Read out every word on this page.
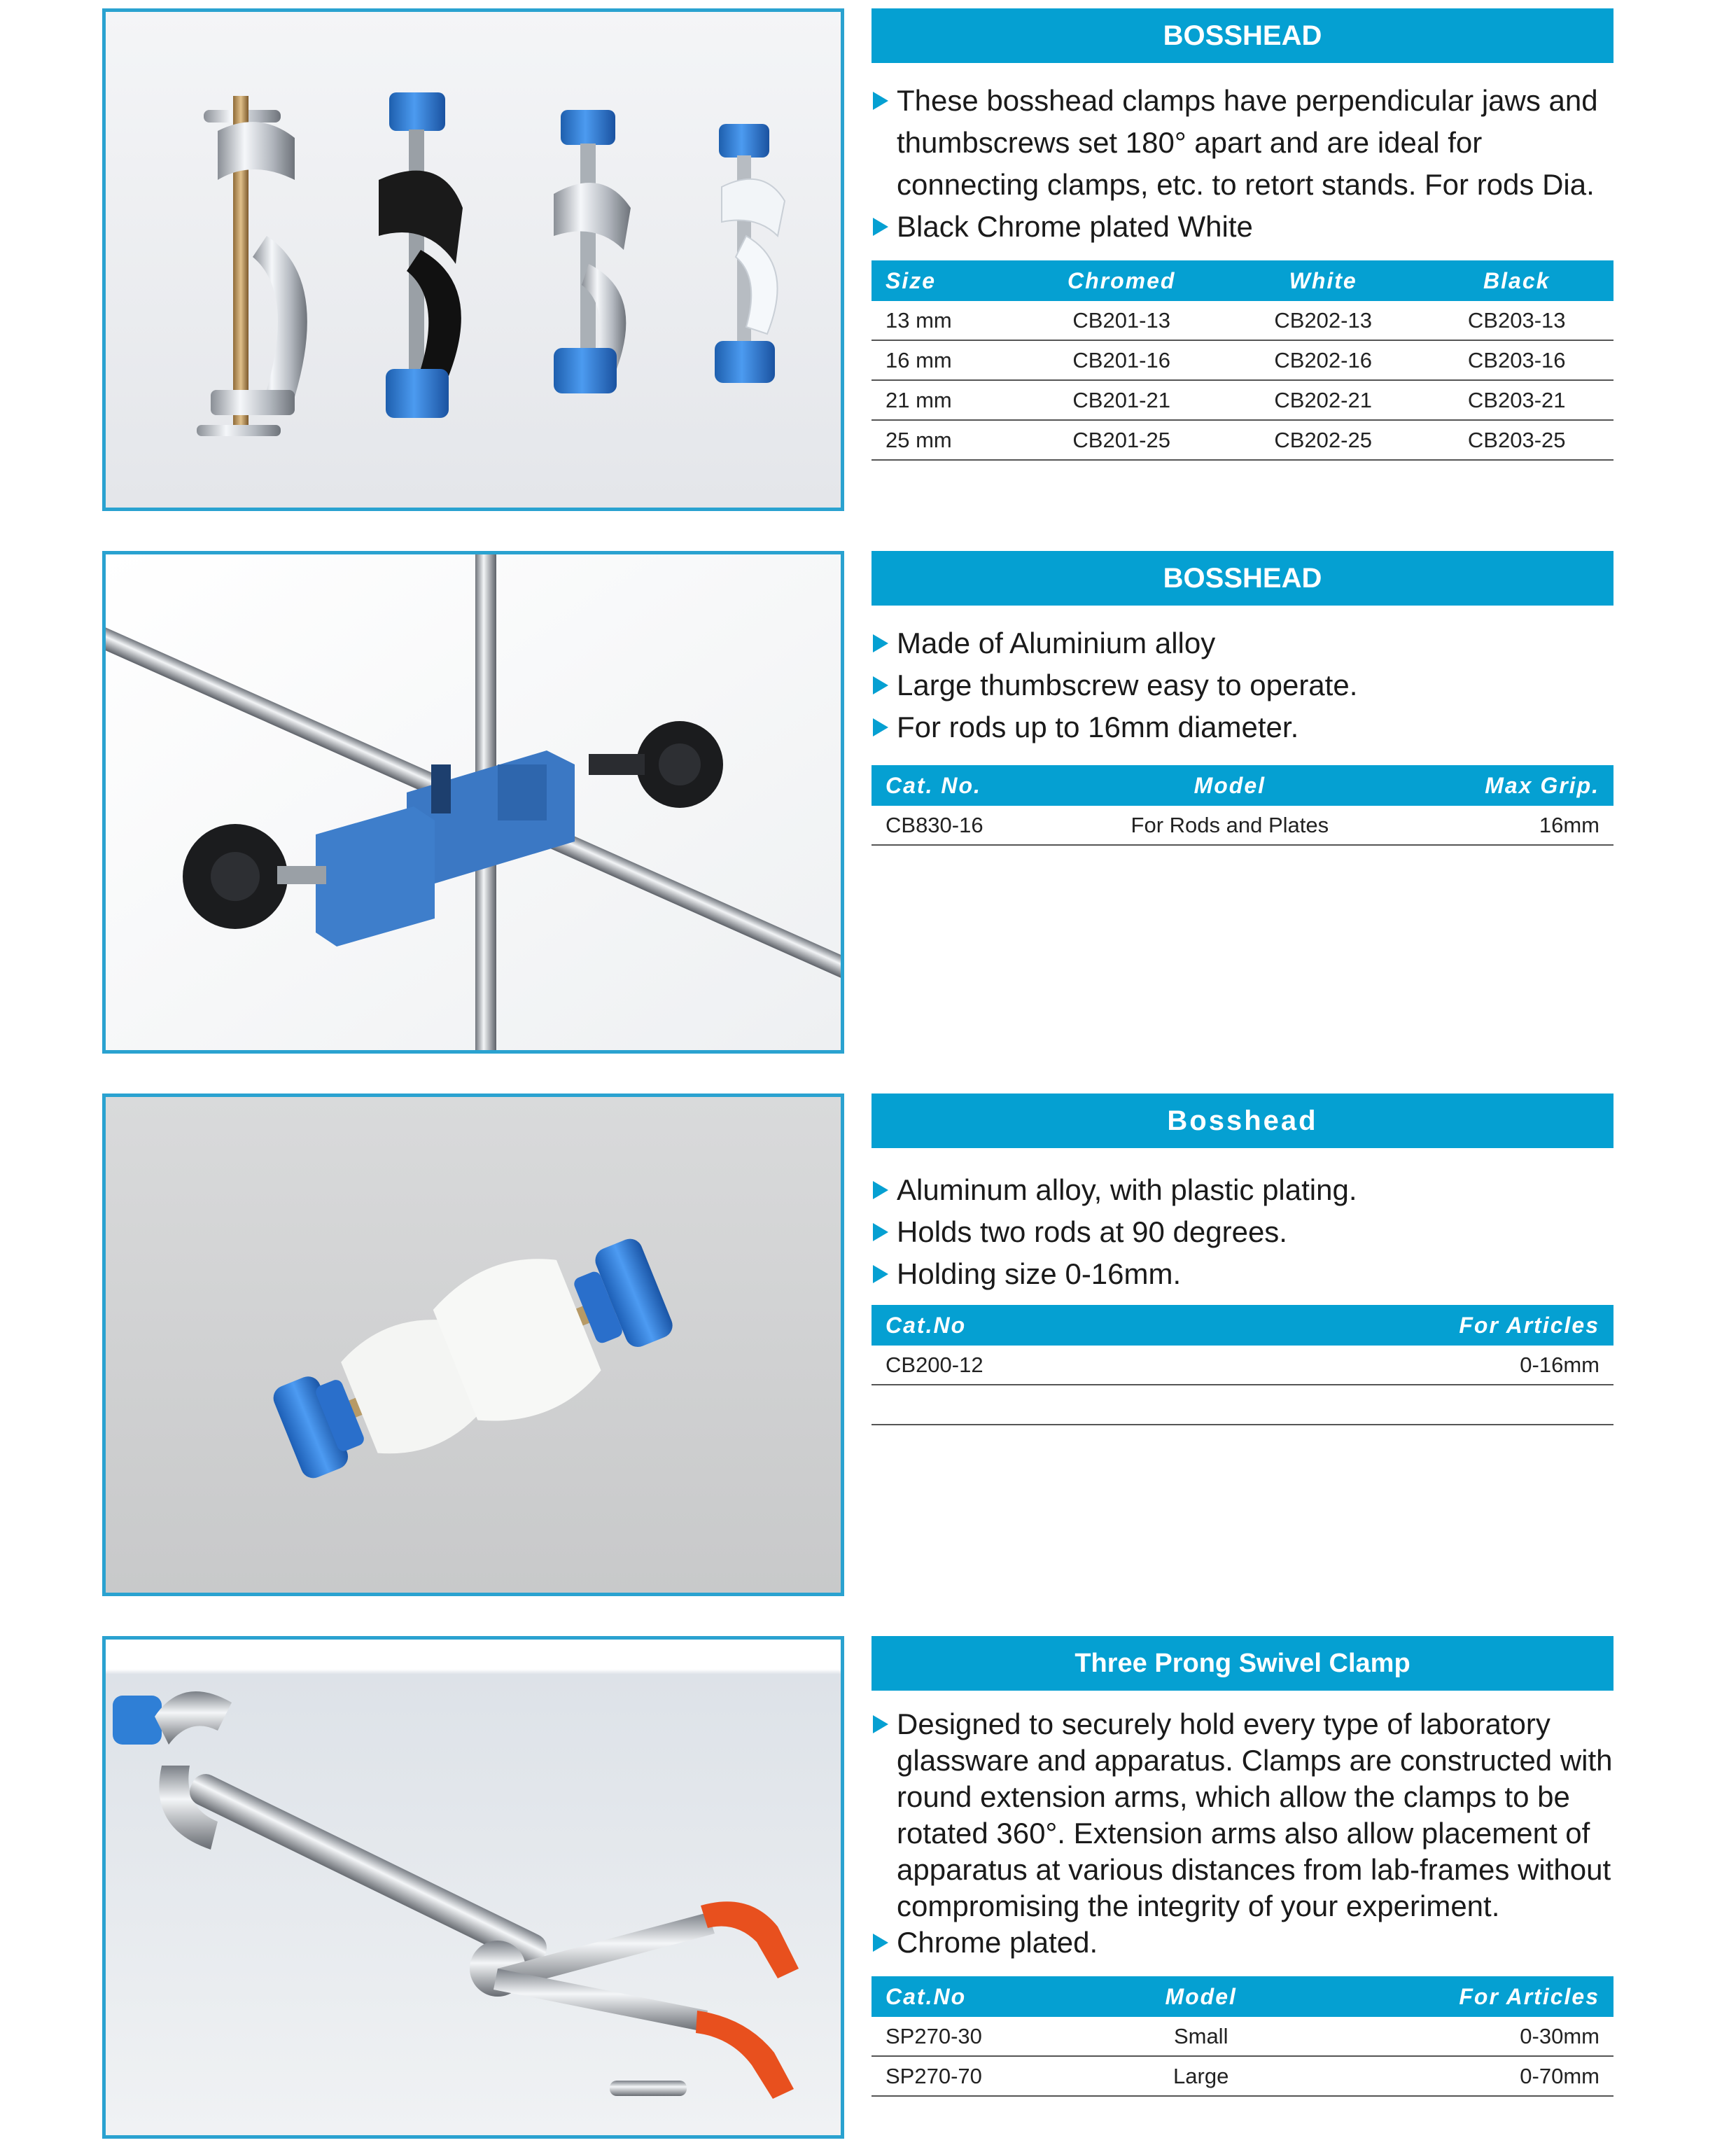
BOSSHEAD
These bosshead clamps have perpendicular jaws and thumbscrews set 180° apart and are ideal for connecting clamps, etc. to retort stands. For rods Dia.
Black Chrome plated White
Size	Chromed	White	Black
13 mm	CB201-13	CB202-13	CB203-13
16 mm	CB201-16	CB202-16	CB203-16
21 mm	CB201-21	CB202-21	CB203-21
25 mm	CB201-25	CB202-25	CB203-25
BOSSHEAD
Made of Aluminium alloy
Large thumbscrew easy to operate.
For rods up to 16mm diameter.
Cat. No.	Model	Max Grip.
CB830-16	For Rods and Plates	16mm
Bosshead
Aluminum alloy, with plastic plating.
Holds two rods at 90 degrees.
Holding size 0-16mm.
Cat.No	For Articles
CB200-12	0-16mm

Three Prong Swivel Clamp
Designed to securely hold every type of laboratory glassware and apparatus. Clamps are constructed with round extension arms, which allow the clamps to be rotated 360°. Extension arms also allow placement of apparatus at various distances from lab-frames without compromising the integrity of your experiment.
Chrome plated.
Cat.No	Model	For Articles
SP270-30	Small	0-30mm
SP270-70	Large	0-70mm
